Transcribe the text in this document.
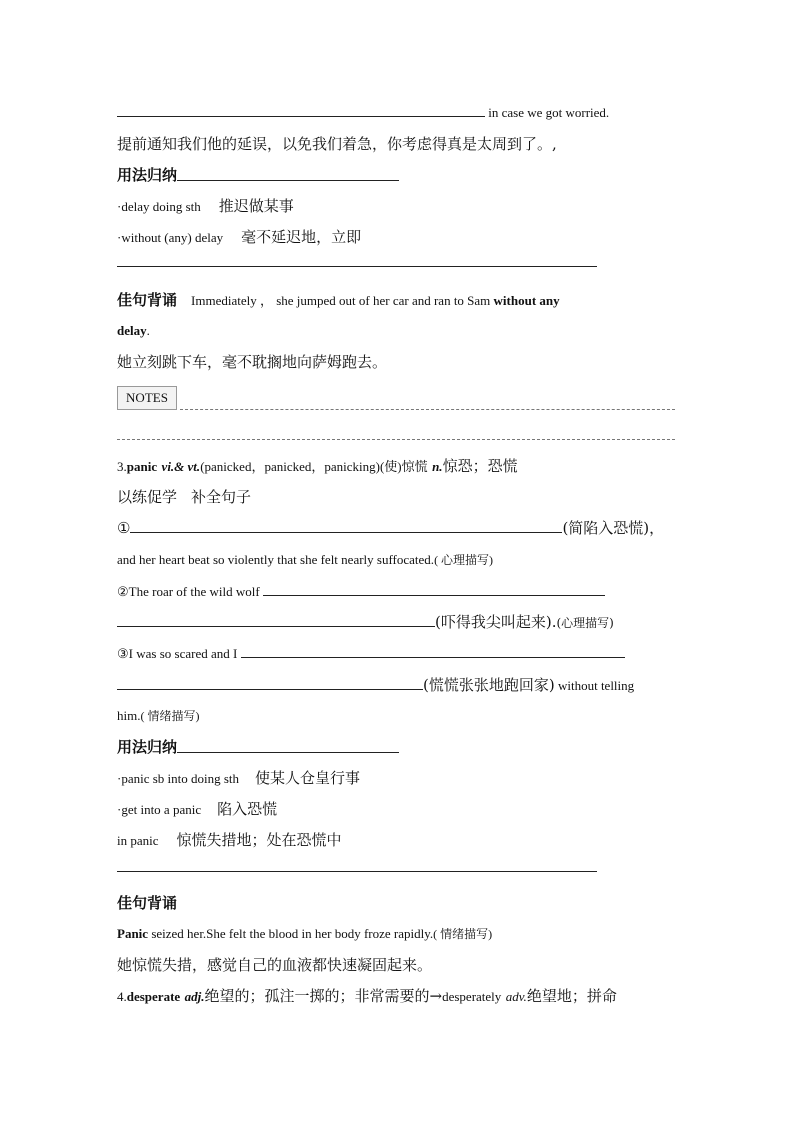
in case we got worried.
提前通知我们他的延误，以免我们着急，你考虑得真是太周到了。,
用法归纳
·delay doing sth 推迟做某事
·without (any) delay 毫不延迟地，立即
佳句背诵 Immediately ， she jumped out of her car and ran to Sam without any
delay.
她立刻跳下车，毫不耽搁地向萨姆跑去。
NOTES
3.panic vi.& vt.(panicked，panicked，panicking)(使)惊慌 n.惊恐；恐慌
以练促学 补全句子
①	(简陷入恐慌)，
and her heart beat so violently that she felt nearly suffocated.( 心理描写)
②The roar of the wild wolf
(吓得我尖叫起来).(心理描写)
③I was so scared and I
(慌慌张张地跑回家) without telling
him.( 情绪描写)
用法归纳
·panic sb into doing sth 使某人仓皇行事
·get into a panic 陷入恐慌
in panic 惊慌失措地；处在恐慌中
佳句背诵
Panic seized her.She felt the blood in her body froze rapidly.( 情绪描写)
她惊慌失措，感觉自己的血液都快速凝固起来。
4.desperate adj.绝望的；孤注一掷的；非常需要的→desperately adv.绝望地；拼命
